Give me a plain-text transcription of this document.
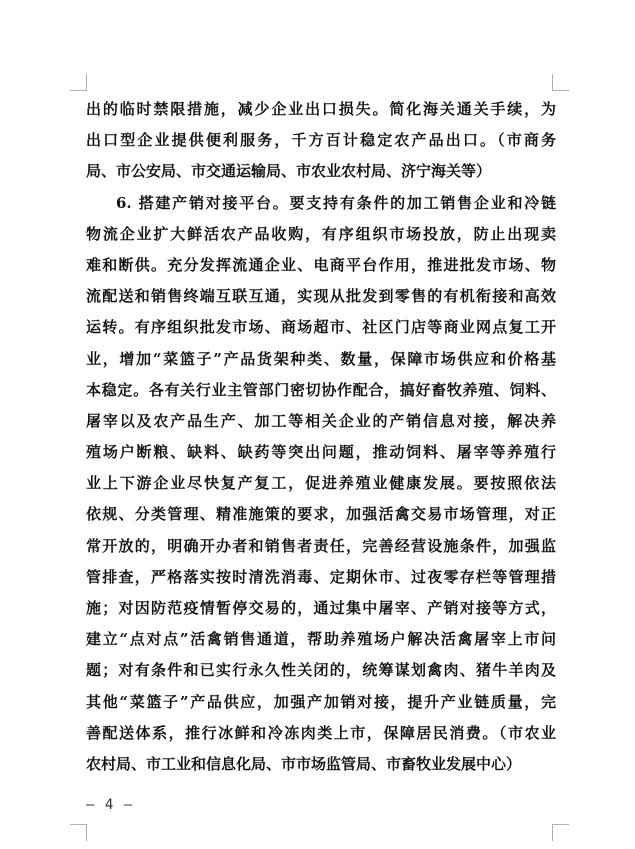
出的临时禁限措施，减少企业出口损失。简化海关通关手续，为
出口型企业提供便利服务，千方百计稳定农产品出口。（市商务
局、市公安局、市交通运输局、市农业农村局、济宁海关等）
6. 搭建产销对接平台。要支持有条件的加工销售企业和冷链
物流企业扩大鲜活农产品收购，有序组织市场投放，防止出现卖
难和断供。充分发挥流通企业、电商平台作用，推进批发市场、物
流配送和销售终端互联互通，实现从批发到零售的有机衔接和高效
运转。有序组织批发市场、商场超市、社区门店等商业网点复工开
业，增加“菜篮子”产品货架种类、数量，保障市场供应和价格基
本稳定。各有关行业主管部门密切协作配合，搞好畜牧养殖、饲料、
屠宰以及农产品生产、加工等相关企业的产销信息对接，解决养
殖场户断粮、缺料、缺药等突出问题，推动饲料、屠宰等养殖行
业上下游企业尽快复产复工，促进养殖业健康发展。要按照依法
依规、分类管理、精准施策的要求，加强活禽交易市场管理，对正
常开放的，明确开办者和销售者责任，完善经营设施条件，加强监
管排查，严格落实按时清洗消毒、定期休市、过夜零存栏等管理措
施；对因防范疫情暂停交易的，通过集中屠宰、产销对接等方式，
建立“点对点”活禽销售通道，帮助养殖场户解决活禽屠宰上市问
题；对有条件和已实行永久性关闭的，统筹谋划禽肉、猪牛羊肉及
其他“菜篮子”产品供应，加强产加销对接，提升产业链质量，完
善配送体系，推行冰鲜和冷冻肉类上市，保障居民消费。（市农业
农村局、市工业和信息化局、市市场监管局、市畜牧业发展中心）
— 4 —
